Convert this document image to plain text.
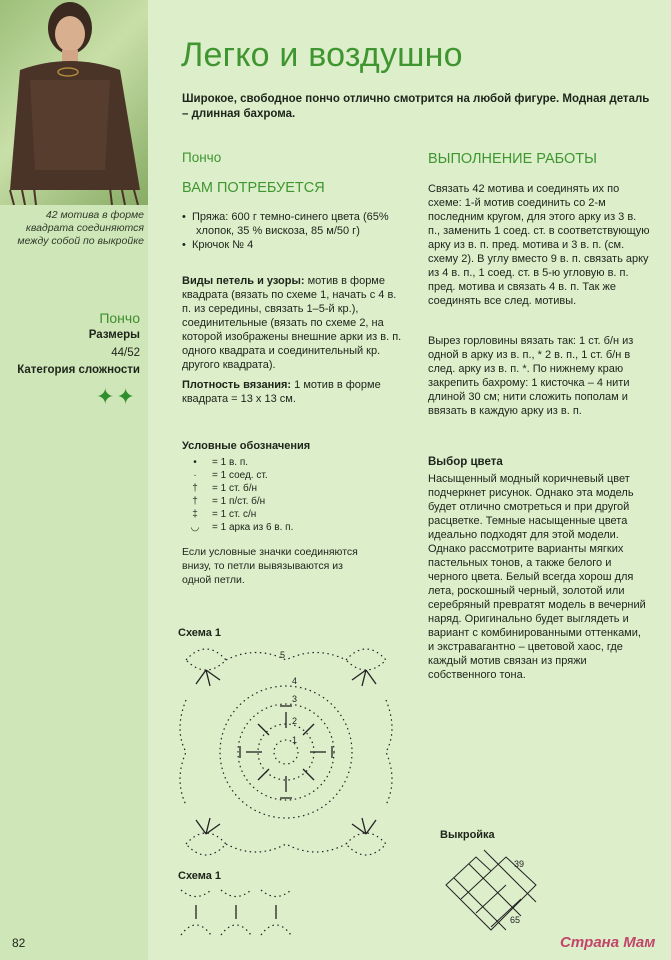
42 мотива в форме квадрата соединяются между собой по выкройке
Пончо
Размеры
44/52
Категория сложности
✦✦
Легко и воздушно
Широкое, свободное пончо отлично смотрится на любой фигуре. Модная деталь – длинная бахрома.
Пончо
ВАМ ПОТРЕБУЕТСЯ
•  Пряжа: 600 г темно-синего цвета (65% хлопок, 35 % вискоза, 85 м/50 г)
•  Крючок № 4
Виды петель и узоры: мотив в форме квадрата (вязать по схеме 1, начать с 4 в. п. из середины, связать 1–5-й кр.), соединительные (вязать по схеме 2, на которой изображены внешние арки из в. п. одного квадрата и соединительный кр. другого квадрата).
Плотность вязания: 1 мотив в форме квадрата = 13 x 13 см.
Условные обозначения
• = 1 в. п.
· = 1 соед. ст.
† = 1 ст. б/н
† = 1 п/ст. б/н
‡ = 1 ст. с/н
◡ = 1 арка из 6 в. п.
Если условные значки соединяются внизу, то петли вывязываются из одной петли.
Схема 1
1
2
3
4
5
Схема 1
ВЫПОЛНЕНИЕ РАБОТЫ
Связать 42 мотива и соединять их по схеме: 1-й мотив соединить со 2-м последним кругом, для этого арку из 3 в. п., заменить 1 соед. ст. в соответствующую арку из в. п. пред. мотива и 3 в. п. (см. схему 2). В углу вместо 9 в. п. связать арку из 4 в. п., 1 соед. ст. в 5-ю угловую в. п. пред. мотива и связать 4 в. п. Так же соединять все след. мотивы.
Вырез горловины вязать так: 1 ст. б/н из одной в арку из в. п., * 2 в. п., 1 ст. б/н в след. арку из в. п. *. По нижнему краю закрепить бахрому: 1 кисточка – 4 нити длиной 30 см; нити сложить пополам и ввязать в каждую арку из в. п.
Выбор цвета
Насыщенный модный коричневый цвет подчеркнет рисунок. Однако эта модель будет отлично смотреться и при другой расцветке. Темные насыщенные цвета идеально подходят для этой модели. Однако рассмотрите варианты мягких пастельных тонов, а также белого и черного цвета. Белый всегда хорош для лета, роскошный черный, золотой или серебряный превратят модель в вечерний наряд. Оригинально будет выглядеть и вариант с комбинированными оттенками, и экстравагантно – цветовой хаос, где каждый мотив связан из пряжи собственного тона.
Выкройка
39
65
82	Страна Мам
